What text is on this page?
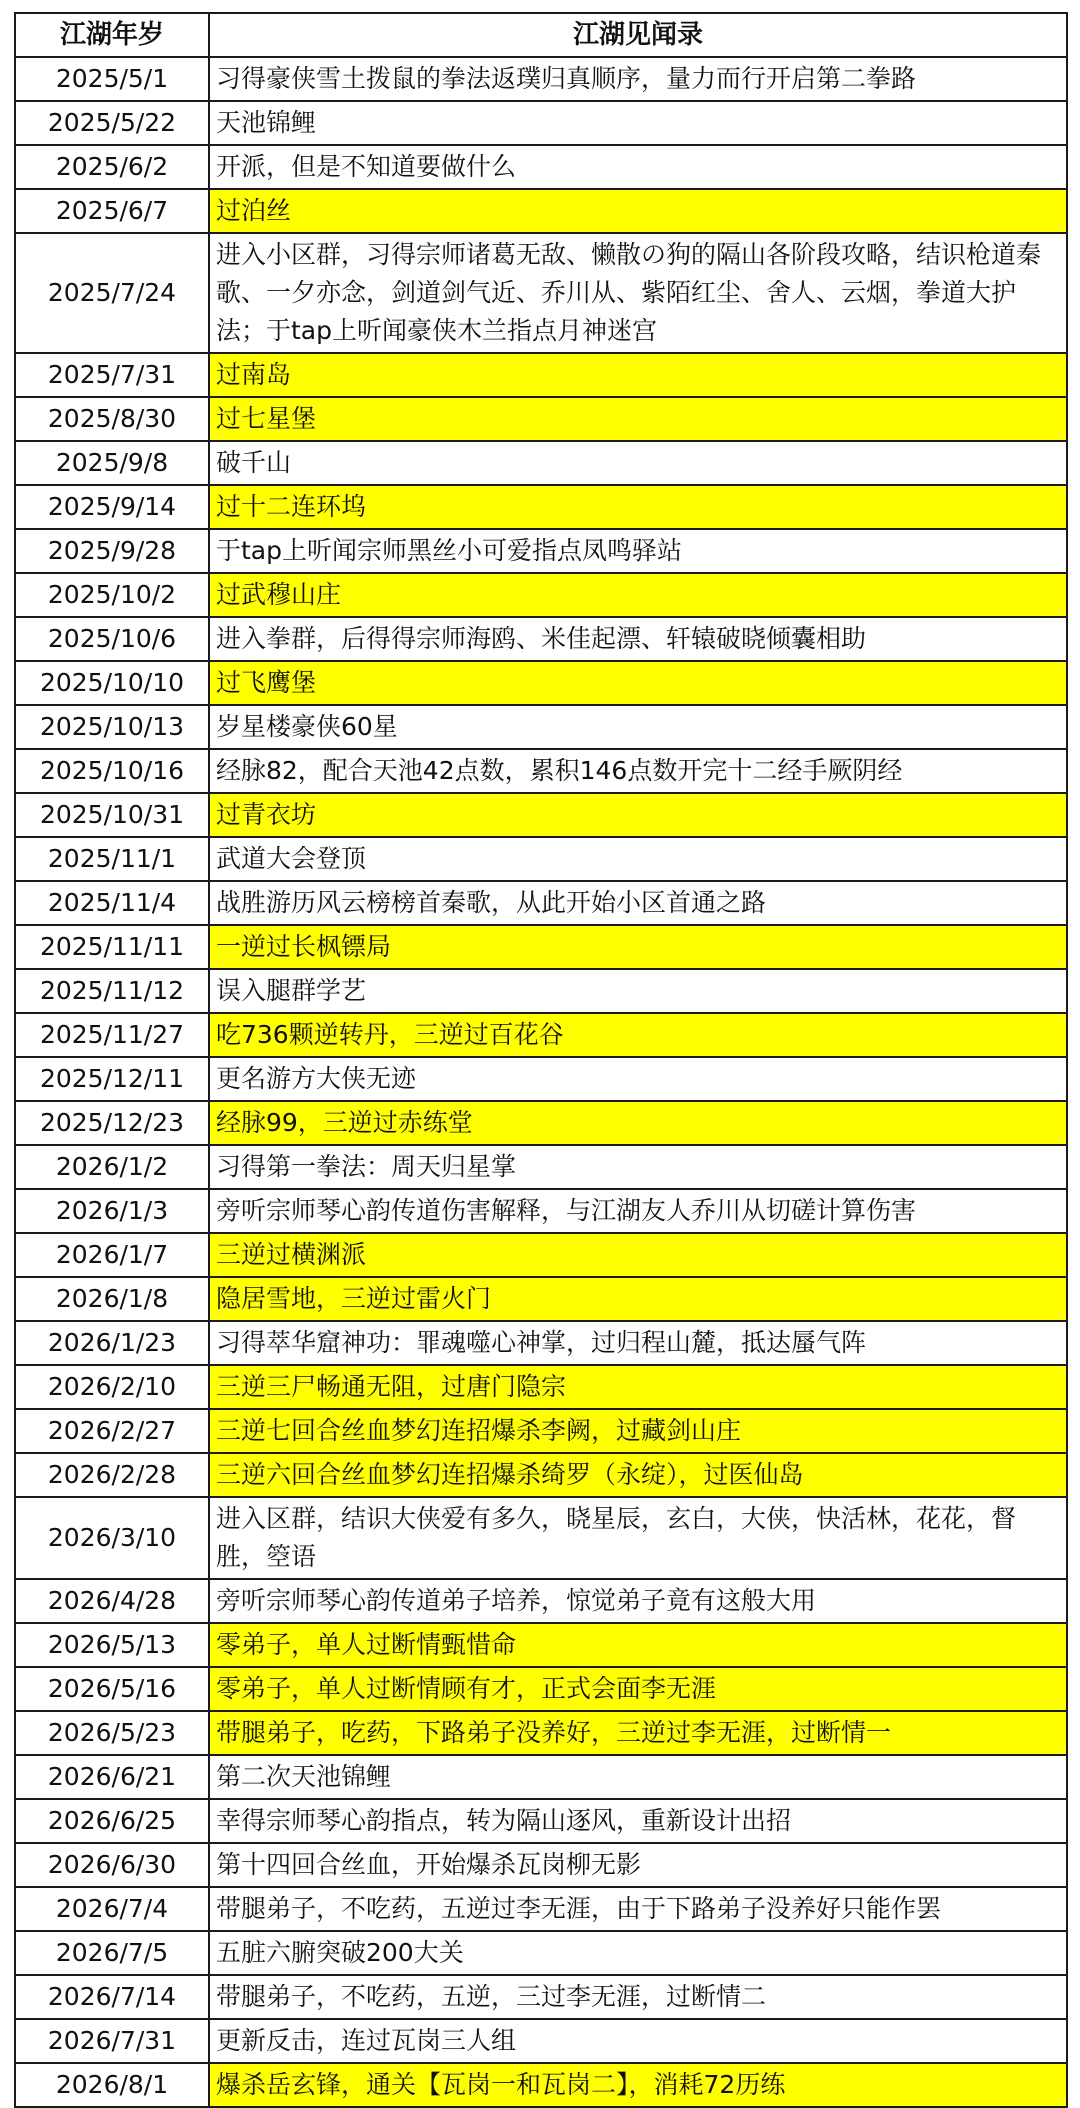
江湖年岁	江湖见闻录
2025/5/1	习得豪侠雪土拨鼠的拳法返璞归真顺序，量力而行开启第二拳路
2025/5/22	天池锦鲤
2025/6/2	开派，但是不知道要做什么
2025/6/7	过泊丝
2025/7/24	进入小区群，习得宗师诸葛无敌、懒散の狗的隔山各阶段攻略，结识枪道秦歌、一夕亦念，剑道剑气近、乔川从、紫陌红尘、舍人、云烟，拳道大护法；于tap上听闻豪侠木兰指点月神迷宫
2025/7/31	过南岛
2025/8/30	过七星堡
2025/9/8	破千山
2025/9/14	过十二连环坞
2025/9/28	于tap上听闻宗师黑丝小可爱指点凤鸣驿站
2025/10/2	过武穆山庄
2025/10/6	进入拳群，后得得宗师海鸥、米佳起漂、轩辕破晓倾囊相助
2025/10/10	过飞鹰堡
2025/10/13	岁星楼豪侠60星
2025/10/16	经脉82，配合天池42点数，累积146点数开完十二经手厥阴经
2025/10/31	过青衣坊
2025/11/1	武道大会登顶
2025/11/4	战胜游历风云榜榜首秦歌，从此开始小区首通之路
2025/11/11	一逆过长枫镖局
2025/11/12	误入腿群学艺
2025/11/27	吃736颗逆转丹，三逆过百花谷
2025/12/11	更名游方大侠无迹
2025/12/23	经脉99，三逆过赤练堂
2026/1/2	习得第一拳法：周天归星掌
2026/1/3	旁听宗师琴心韵传道伤害解释，与江湖友人乔川从切磋计算伤害
2026/1/7	三逆过横渊派
2026/1/8	隐居雪地，三逆过雷火门
2026/1/23	习得萃华窟神功：罪魂噬心神掌，过归程山麓，抵达蜃气阵
2026/2/10	三逆三尸畅通无阻，过唐门隐宗
2026/2/27	三逆七回合丝血梦幻连招爆杀李阙，过藏剑山庄
2026/2/28	三逆六回合丝血梦幻连招爆杀绮罗（永绽），过医仙岛
2026/3/10	进入区群，结识大侠爱有多久，晓星辰，玄白，大侠，快活林，花花，督胜，箜语
2026/4/28	旁听宗师琴心韵传道弟子培养，惊觉弟子竟有这般大用
2026/5/13	零弟子，单人过断情甄惜命
2026/5/16	零弟子，单人过断情顾有才，正式会面李无涯
2026/5/23	带腿弟子，吃药，下路弟子没养好，三逆过李无涯，过断情一
2026/6/21	第二次天池锦鲤
2026/6/25	幸得宗师琴心韵指点，转为隔山逐风，重新设计出招
2026/6/30	第十四回合丝血，开始爆杀瓦岗柳无影
2026/7/4	带腿弟子，不吃药，五逆过李无涯，由于下路弟子没养好只能作罢
2026/7/5	五脏六腑突破200大关
2026/7/14	带腿弟子，不吃药，五逆，三过李无涯，过断情二
2026/7/31	更新反击，连过瓦岗三人组
2026/8/1	爆杀岳玄锋，通关【瓦岗一和瓦岗二】，消耗72历练
